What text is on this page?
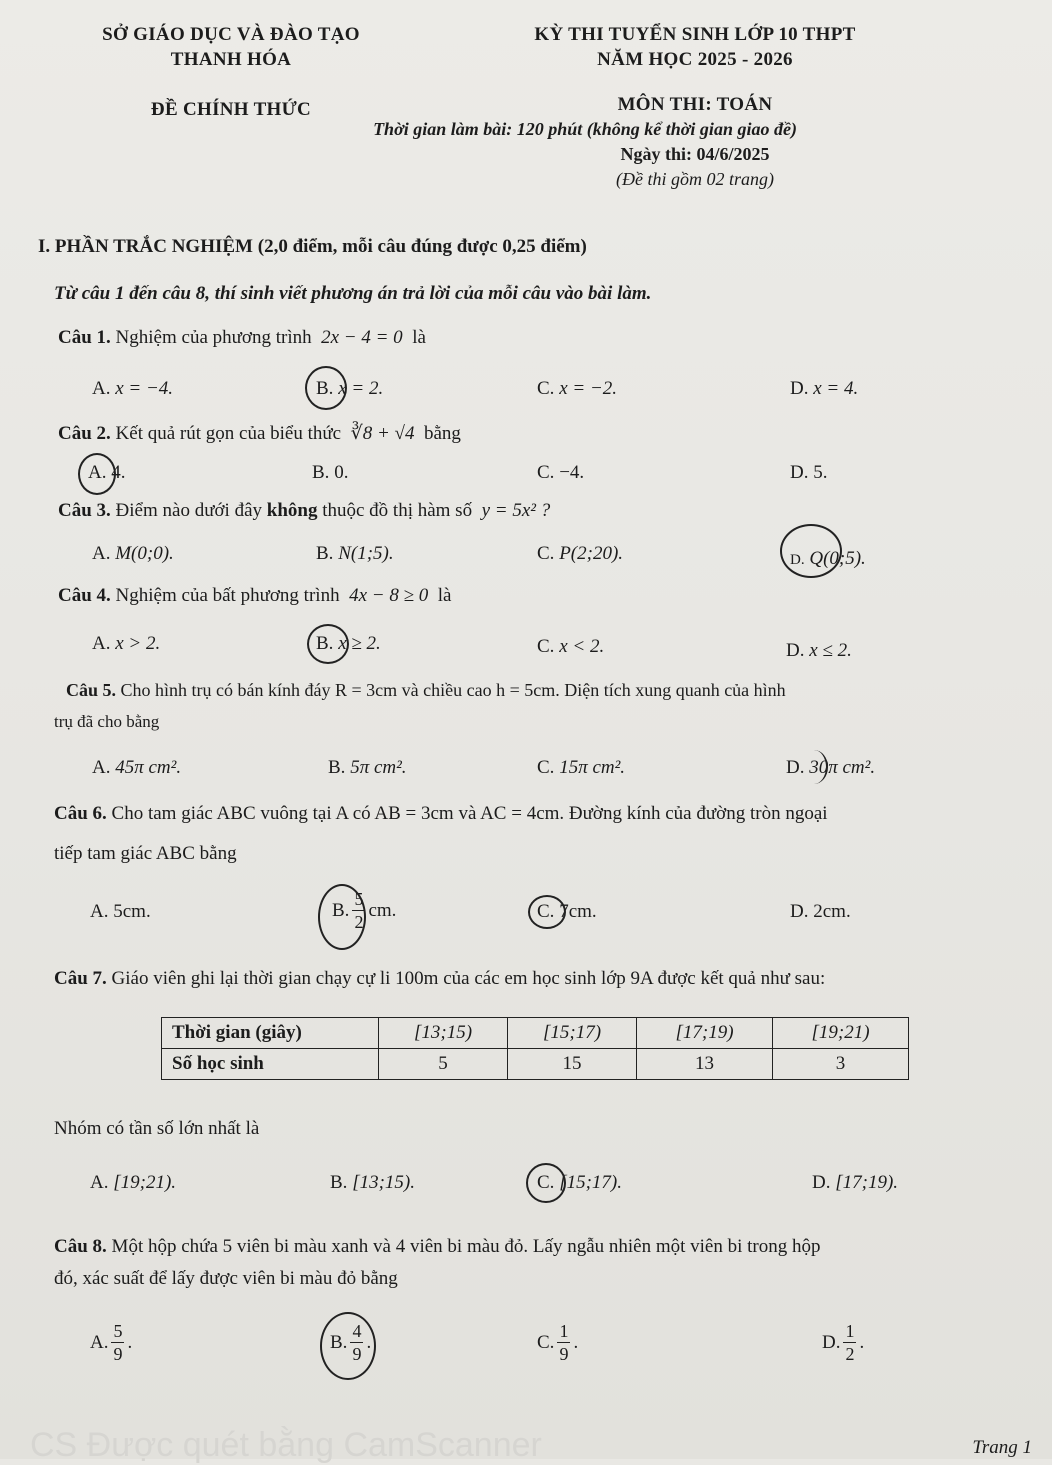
SỞ GIÁO DỤC VÀ ĐÀO TẠO
THANH HÓA
ĐỀ CHÍNH THỨC
KỲ THI TUYỂN SINH LỚP 10 THPT
NĂM HỌC 2025 - 2026
MÔN THI: TOÁN
Thời gian làm bài: 120 phút (không kể thời gian giao đề)
Ngày thi: 04/6/2025
(Đề thi gồm 02 trang)
I. PHẦN TRẮC NGHIỆM (2,0 điểm, mỗi câu đúng được 0,25 điểm)
Từ câu 1 đến câu 8, thí sinh viết phương án trả lời của mỗi câu vào bài làm.
Câu 1. Nghiệm của phương trình 2x − 4 = 0 là
A. x = −4.	B. x = 2.	C. x = −2.	D. x = 4.
Câu 2. Kết quả rút gọn của biểu thức ∛8 + √4 bằng
A. 4.	B. 0.	C. −4.	D. 5.
Câu 3. Điểm nào dưới đây không thuộc đồ thị hàm số y = 5x² ?
A. M(0;0).	B. N(1;5).	C. P(2;20).	D. Q(0;5).
Câu 4. Nghiệm của bất phương trình 4x − 8 ≥ 0 là
A. x > 2.	B. x ≥ 2.	C. x < 2.	D. x ≤ 2.
Câu 5. Cho hình trụ có bán kính đáy R = 3cm và chiều cao h = 5cm. Diện tích xung quanh của hình
trụ đã cho bằng
A. 45π cm².	B. 5π cm².	C. 15π cm².	D. 30π cm².
Câu 6. Cho tam giác ABC vuông tại A có AB = 3cm và AC = 4cm. Đường kính của đường tròn ngoại
tiếp tam giác ABC bằng
A. 5cm.	B. $\frac{5}{2}$ cm.	C. 7cm.	D. 2cm.
Câu 7. Giáo viên ghi lại thời gian chạy cự li 100m của các em học sinh lớp 9A được kết quả như sau:
Thời gian (giây)	[13;15)	[15;17)	[17;19)	[19;21)
Số học sinh	5	15	13	3
Nhóm có tần số lớn nhất là
A. [19;21).	B. [13;15).	C. [15;17).	D. [17;19).
Câu 8. Một hộp chứa 5 viên bi màu xanh và 4 viên bi màu đỏ. Lấy ngẫu nhiên một viên bi trong hộp
đó, xác suất để lấy được viên bi màu đỏ bằng
A. $\frac{5}{9}$ .	B. $\frac{4}{9}$ .	C. $\frac{1}{9}$ .	D. $\frac{1}{2}$ .
CS Được quét bằng CamScanner	Trang 1
